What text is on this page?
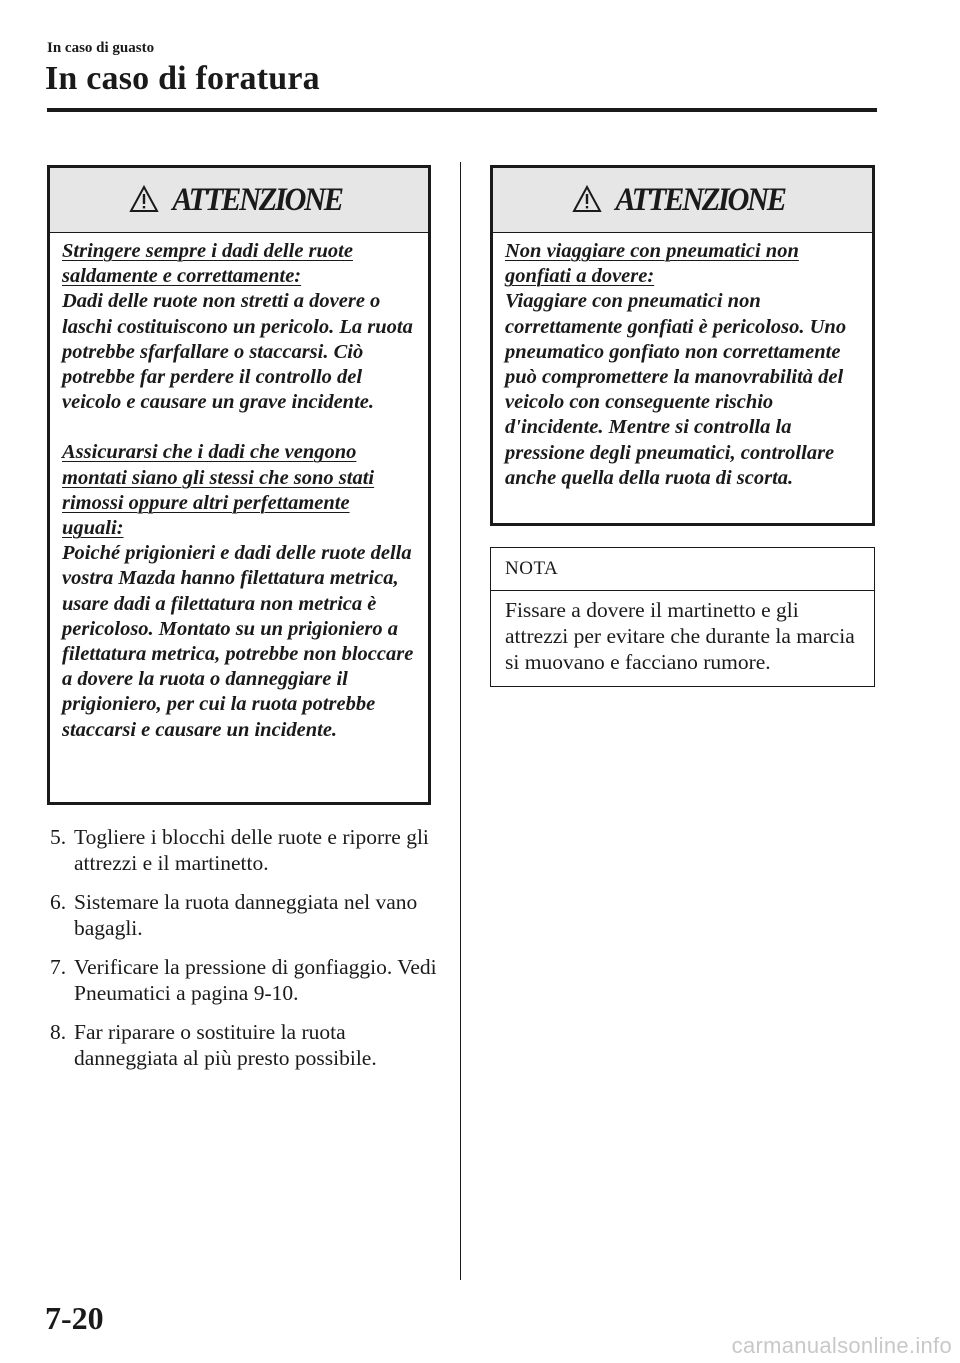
In caso di guasto
In caso di foratura
ATTENZIONE

Stringere sempre i dadi delle ruote saldamente e correttamente:
Dadi delle ruote non stretti a dovere o laschi costituiscono un pericolo. La ruota potrebbe sfarfallare o staccarsi. Ciò potrebbe far perdere il controllo del veicolo e causare un grave incidente.

Assicurarsi che i dadi che vengono montati siano gli stessi che sono stati rimossi oppure altri perfettamente uguali:
Poiché prigionieri e dadi delle ruote della vostra Mazda hanno filettatura metrica, usare dadi a filettatura non metrica è pericoloso. Montato su un prigioniero a filettatura metrica, potrebbe non bloccare a dovere la ruota o danneggiare il prigioniero, per cui la ruota potrebbe staccarsi e causare un incidente.

5. Togliere i blocchi delle ruote e riporre gli attrezzi e il martinetto.
6. Sistemare la ruota danneggiata nel vano bagagli.
7. Verificare la pressione di gonfiaggio. Vedi Pneumatici a pagina 9-10.
8. Far riparare o sostituire la ruota danneggiata al più presto possibile.
ATTENZIONE

Non viaggiare con pneumatici non gonfiati a dovere:
Viaggiare con pneumatici non correttamente gonfiati è pericoloso. Uno pneumatico gonfiato non correttamente può compromettere la manovrabilità del veicolo con conseguente rischio d'incidente. Mentre si controlla la pressione degli pneumatici, controllare anche quella della ruota di scorta.

NOTA
Fissare a dovere il martinetto e gli attrezzi per evitare che durante la marcia si muovano e facciano rumore.
7-20
carmanualsonline.info
